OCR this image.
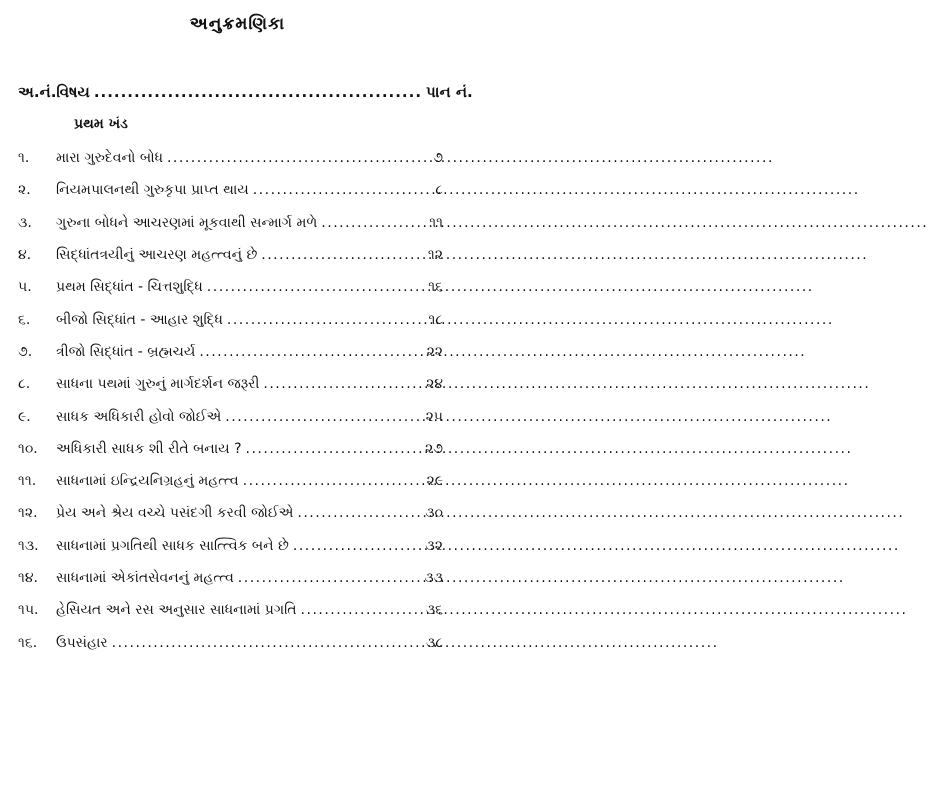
અનુક્રમણિકા
અ.નં. વિષય ................................................. પાન નં.
પ્રથમ ખંડ
૧.	મારા ગુરુદેવનો બોધ .....	૭
૨.	નિયમપાલનથી ગુરુકૃપા પ્રાપ્ત થાય .....	૮
૩.	ગુરુના બોધને આચરણમાં મૂકવાથી સન્માર્ગ મળે .....	૧૧
૪.	સિદ્ધાંતત્રયીનું આચરણ મહત્ત્વનું છે .....	૧૨
૫.	પ્રથમ સિદ્ધાંત - ચિત્તશુદ્ધિ .....	૧૬
૬.	બીજો સિદ્ધાંત - આહાર શુદ્ધિ .....	૧૮
૭.	ત્રીજો સિદ્ધાંત - બ્રહ્મચર્ય .....	૨૨
૮.	સાધના પથમાં ગુરુનું માર્ગદર્શન જરૂરી .....	૨૪
૯.	સાધક અધિકારી હોવો જોઈએ .....	૨૫
૧૦.	અધિકારી સાધક શી રીતે બનાય ? .....	૨૭
૧૧.	સાધનામાં ઇન્દ્રિયનિગ્રહનું મહત્ત્વ .....	૨૯
૧૨.	પ્રેય અને શ્રેય વચ્ચે પસંદગી કરવી જોઈએ .....	૩૦
૧૩.	સાધનામાં પ્રગતિથી સાધક સાત્ત્વિક બને છે .....	૩૨
૧૪.	સાધનામાં એકાંતસેવનનું મહત્ત્વ .....	૩૩
૧૫.	હેસિયત અને રસ અનુસાર સાધનામાં પ્રગતિ .....	૩૬
૧૬.	ઉપસંહાર .....	૩૮
